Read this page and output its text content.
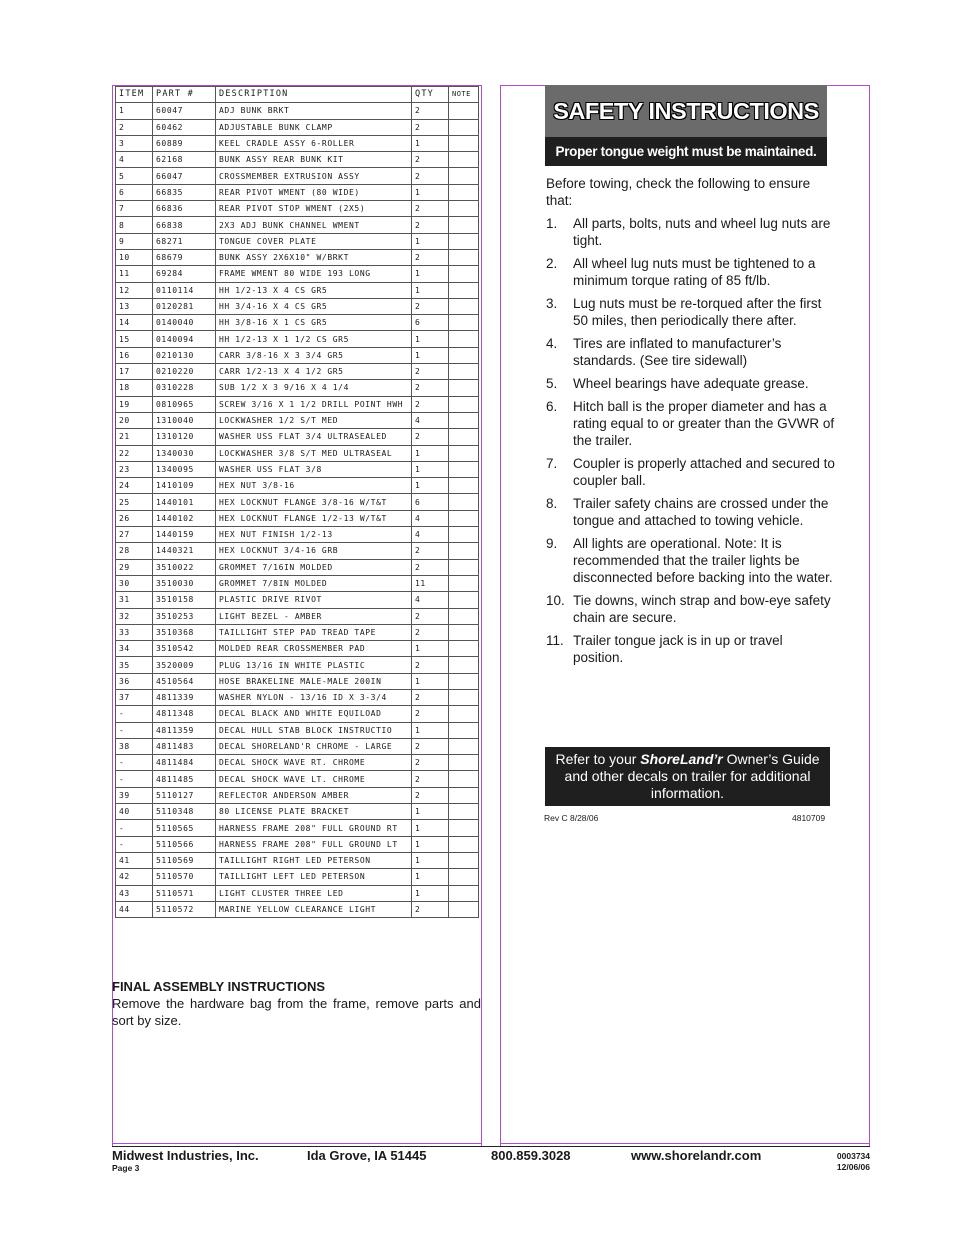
ITEM	PART #	DESCRIPTION	QTY	NOTE
1	60047	ADJ BUNK BRKT	2	
2	60462	ADJUSTABLE BUNK CLAMP	2	
3	60889	KEEL CRADLE ASSY 6-ROLLER	1	
4	62168	BUNK ASSY REAR BUNK KIT	2	
5	66047	CROSSMEMBER EXTRUSION ASSY	2	
6	66835	REAR PIVOT WMENT (80 WIDE)	1	
7	66836	REAR PIVOT STOP WMENT (2X5)	2	
8	66838	2X3 ADJ BUNK CHANNEL WMENT	2	
9	68271	TONGUE COVER PLATE	1	
10	68679	BUNK ASSY 2X6X10" W/BRKT	2	
11	69284	FRAME WMENT 80 WIDE 193 LONG	1	
12	0110114	HH 1/2-13 X 4 CS GR5	1	
13	0120281	HH 3/4-16 X 4 CS GR5	2	
14	0140040	HH 3/8-16 X 1 CS GR5	6	
15	0140094	HH 1/2-13 X 1 1/2 CS GR5	1	
16	0210130	CARR 3/8-16 X 3 3/4 GR5	1	
17	0210220	CARR 1/2-13 X 4 1/2 GR5	2	
18	0310228	SUB 1/2 X 3 9/16 X 4 1/4	2	
19	0810965	SCREW 3/16 X 1 1/2 DRILL POINT HWH	2	
20	1310040	LOCKWASHER 1/2 S/T MED	4	
21	1310120	WASHER USS FLAT 3/4 ULTRASEALED	2	
22	1340030	LOCKWASHER 3/8 S/T MED ULTRASEAL	1	
23	1340095	WASHER USS FLAT 3/8	1	
24	1410109	HEX NUT 3/8-16	1	
25	1440101	HEX LOCKNUT FLANGE 3/8-16 W/T&T	6	
26	1440102	HEX LOCKNUT FLANGE 1/2-13 W/T&T	4	
27	1440159	HEX NUT FINISH 1/2-13	4	
28	1440321	HEX LOCKNUT 3/4-16 GRB	2	
29	3510022	GROMMET 7/16IN MOLDED	2	
30	3510030	GROMMET 7/8IN MOLDED	11	
31	3510158	PLASTIC DRIVE RIVOT	4	
32	3510253	LIGHT BEZEL - AMBER	2	
33	3510368	TAILLIGHT STEP PAD TREAD TAPE	2	
34	3510542	MOLDED REAR CROSSMEMBER PAD	1	
35	3520009	PLUG 13/16 IN WHITE PLASTIC	2	
36	4510564	HOSE BRAKELINE MALE-MALE 200IN	1	
37	4811339	WASHER NYLON - 13/16 ID X 3-3/4	2	
-	4811348	DECAL BLACK AND WHITE EQUILOAD	2	
-	4811359	DECAL HULL STAB BLOCK INSTRUCTIO	1	
38	4811483	DECAL SHORELAND'R CHROME - LARGE	2	
-	4811484	DECAL SHOCK WAVE RT. CHROME	2	
-	4811485	DECAL SHOCK WAVE LT. CHROME	2	
39	5110127	REFLECTOR ANDERSON AMBER	2	
40	5110348	80 LICENSE PLATE BRACKET	1	
-	5110565	HARNESS FRAME 208" FULL GROUND RT	1	
-	5110566	HARNESS FRAME 208" FULL GROUND LT	1	
41	5110569	TAILLIGHT RIGHT LED PETERSON	1	
42	5110570	TAILLIGHT LEFT LED PETERSON	1	
43	5110571	LIGHT CLUSTER THREE LED	1	
44	5110572	MARINE YELLOW CLEARANCE LIGHT	2	
FINAL ASSEMBLY INSTRUCTIONS
Remove the hardware bag from the frame, remove parts and sort by size.
SAFETY INSTRUCTIONS
Proper tongue weight must be maintained.
Before towing, check the following to ensure that:
1.	All parts, bolts, nuts and wheel lug nuts are tight.
2.	All wheel lug nuts must be tightened to a minimum torque rating of 85 ft/lb.
3.	Lug nuts must be re-torqued after the first 50 miles, then periodically there after.
4.	Tires are inflated to manufacturer’s standards. (See tire sidewall)
5.	Wheel bearings have adequate grease.
6.	Hitch ball is the proper diameter and has a rating equal to or greater than the GVWR of the trailer.
7.	Coupler is properly attached and secured to coupler ball.
8.	Trailer safety chains are crossed under the tongue and attached to towing vehicle.
9.	All lights are operational. Note: It is recommended that the trailer lights be disconnected before backing into the water.
10. Tie downs, winch strap and bow-eye safety chain are secure.
11. Trailer tongue jack is in up or travel position.
Refer to your ShoreLand’r Owner’s Guide and other decals on trailer for additional information.
Rev C 8/28/06	4810709
Midwest Industries, Inc.	Ida Grove, IA 51445	800.859.3028	www.shorelandr.com
Page 3
0003734
12/06/06
